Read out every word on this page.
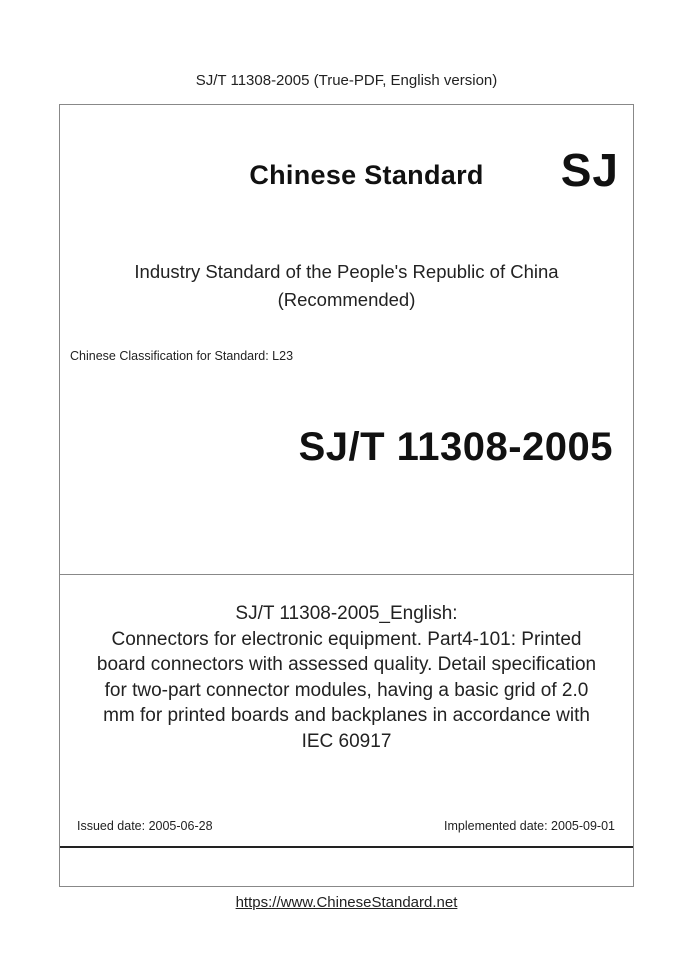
SJ/T 11308-2005 (True-PDF, English version)
Chinese Standard	SJ
Industry Standard of the People's Republic of China
(Recommended)
Chinese Classification for Standard: L23
SJ/T 11308-2005
SJ/T 11308-2005_English:
Connectors for electronic equipment. Part4-101: Printed
board connectors with assessed quality. Detail specification
for two-part connector modules, having a basic grid of 2.0
mm for printed boards and backplanes in accordance with
IEC 60917
Issued date: 2005-06-28	Implemented date: 2005-09-01
https://www.ChineseStandard.net
